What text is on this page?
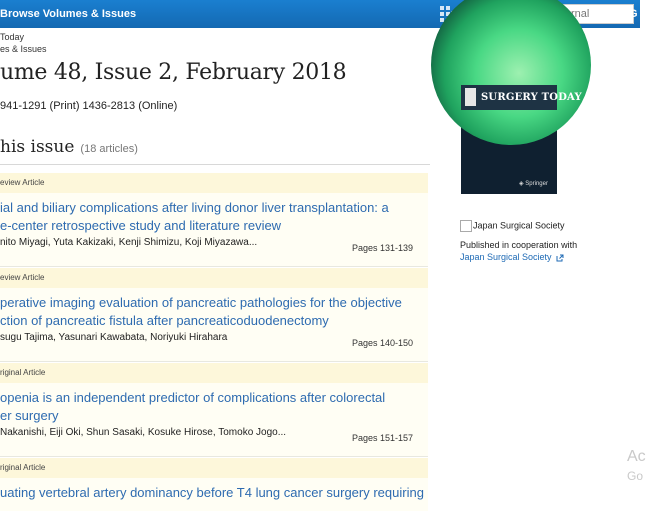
Browse Volumes & Issues
Search within this journal	G
Today
es & Issues
ume 48, Issue 2, February 2018
941-1291 (Print) 1436-2813 (Online)
his issue (18 articles)
eview Article
ial and biliary complications after living donor liver transplantation: a
e-center retrospective study and literature review
nito Miyagi, Yuta Kakizaki, Kenji Shimizu, Koji Miyazawa...	Pages 131-139
eview Article
perative imaging evaluation of pancreatic pathologies for the objective
ction of pancreatic fistula after pancreaticoduodenectomy
sugu Tajima, Yasunari Kawabata, Noriyuki Hirahara	Pages 140-150
riginal Article
openia is an independent predictor of complications after colorectal
er surgery
Nakanishi, Eiji Oki, Shun Sasaki, Kosuke Hirose, Tomoko Jogo...	Pages 151-157
riginal Article
uating vertebral artery dominancy before T4 lung cancer surgery requiring
SURGERY TODAY
◈ Springer
Japan Surgical Society
Published in cooperation with
Japan Surgical Society
Ac
Go
